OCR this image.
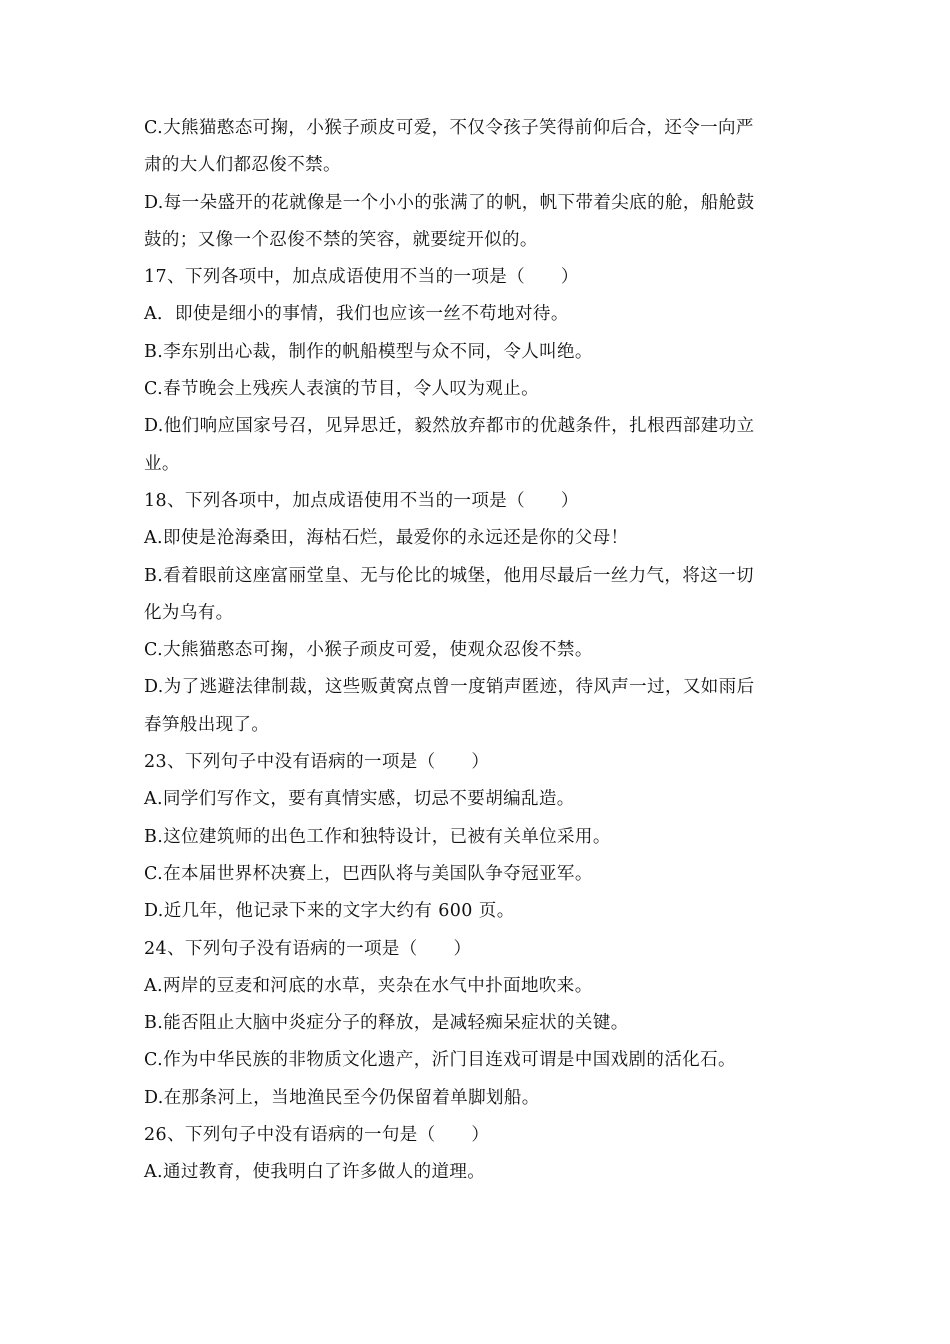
C.大熊猫憨态可掬，小猴子顽皮可爱，不仅令孩子笑得前仰后合，还令一向严
肃的大人们都忍俊不禁。
D.每一朵盛开的花就像是一个小小的张满了的帆，帆下带着尖底的舱，船舱鼓
鼓的；又像一个忍俊不禁的笑容，就要绽开似的。
17、下列各项中，加点成语使用不当的一项是（　　）
A．即使是细小的事情，我们也应该一丝不苟地对待。
B.李东别出心裁，制作的帆船模型与众不同，令人叫绝。
C.春节晚会上残疾人表演的节目，令人叹为观止。
D.他们响应国家号召，见异思迁，毅然放弃都市的优越条件，扎根西部建功立
业。
18、下列各项中，加点成语使用不当的一项是（　　）
A.即使是沧海桑田，海枯石烂，最爱你的永远还是你的父母！
B.看着眼前这座富丽堂皇、无与伦比的城堡，他用尽最后一丝力气，将这一切
化为乌有。
C.大熊猫憨态可掬，小猴子顽皮可爱，使观众忍俊不禁。
D.为了逃避法律制裁，这些贩黄窝点曾一度销声匿迹，待风声一过，又如雨后
春笋般出现了。
23、下列句子中没有语病的一项是（　　）
A.同学们写作文，要有真情实感，切忌不要胡编乱造。
B.这位建筑师的出色工作和独特设计，已被有关单位采用。
C.在本届世界杯决赛上，巴西队将与美国队争夺冠亚军。
D.近几年，他记录下来的文字大约有 600 页。
24、下列句子没有语病的一项是（　　）
A.两岸的豆麦和河底的水草，夹杂在水气中扑面地吹来。
B.能否阻止大脑中炎症分子的释放，是减轻痴呆症状的关键。
C.作为中华民族的非物质文化遗产，沂门目连戏可谓是中国戏剧的活化石。
D.在那条河上，当地渔民至今仍保留着单脚划船。
26、下列句子中没有语病的一句是（　　）
A.通过教育，使我明白了许多做人的道理。
